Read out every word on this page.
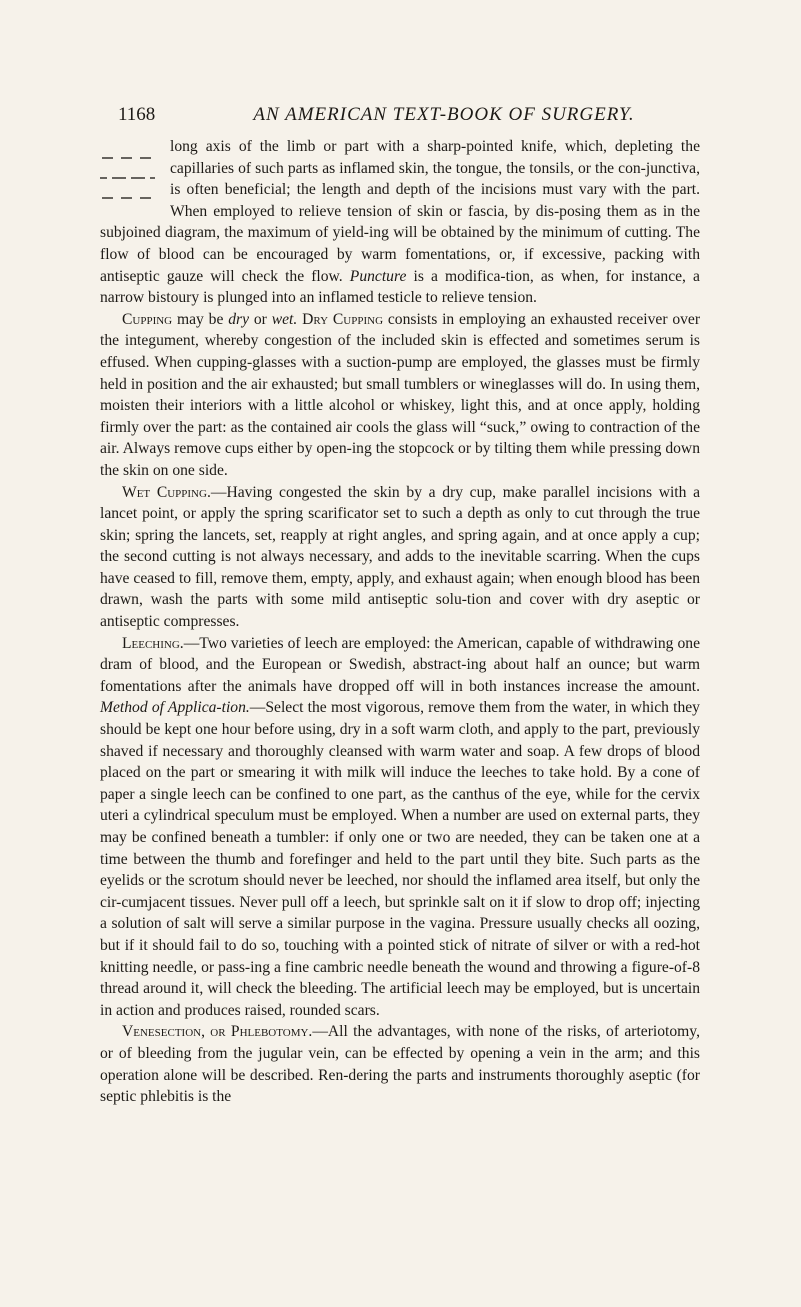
1168	AN AMERICAN TEXT-BOOK OF SURGERY.

long axis of the limb or part with a sharp-pointed knife, which, depleting the capillaries of such parts as inflamed skin, the tongue, the tonsils, or the con-junctiva, is often beneficial; the length and depth of the incisions must vary with the part. When employed to relieve tension of skin or fascia, by dis-posing them as in the subjoined diagram, the maximum of yield-ing will be obtained by the minimum of cutting. The flow of blood can be encouraged by warm fomentations, or, if excessive, packing with antiseptic gauze will check the flow. Puncture is a modifica-tion, as when, for instance, a narrow bistoury is plunged into an inflamed testicle to relieve tension.

Cupping may be dry or wet. Dry Cupping consists in employing an exhausted receiver over the integument, whereby congestion of the included skin is effected and sometimes serum is effused. When cupping-glasses with a suction-pump are employed, the glasses must be firmly held in position and the air exhausted; but small tumblers or wineglasses will do. In using them, moisten their interiors with a little alcohol or whiskey, light this, and at once apply, holding firmly over the part: as the contained air cools the glass will “suck,” owing to contraction of the air. Always remove cups either by open-ing the stopcock or by tilting them while pressing down the skin on one side.

Wet Cupping.—Having congested the skin by a dry cup, make parallel incisions with a lancet point, or apply the spring scarificator set to such a depth as only to cut through the true skin; spring the lancets, set, reapply at right angles, and spring again, and at once apply a cup; the second cutting is not always necessary, and adds to the inevitable scarring. When the cups have ceased to fill, remove them, empty, apply, and exhaust again; when enough blood has been drawn, wash the parts with some mild antiseptic solu-tion and cover with dry aseptic or antiseptic compresses.

Leeching.—Two varieties of leech are employed: the American, capable of withdrawing one dram of blood, and the European or Swedish, abstract-ing about half an ounce; but warm fomentations after the animals have dropped off will in both instances increase the amount. Method of Applica-tion.—Select the most vigorous, remove them from the water, in which they should be kept one hour before using, dry in a soft warm cloth, and apply to the part, previously shaved if necessary and thoroughly cleansed with warm water and soap. A few drops of blood placed on the part or smearing it with milk will induce the leeches to take hold. By a cone of paper a single leech can be confined to one part, as the canthus of the eye, while for the cervix uteri a cylindrical speculum must be employed. When a number are used on external parts, they may be confined beneath a tumbler: if only one or two are needed, they can be taken one at a time between the thumb and forefinger and held to the part until they bite. Such parts as the eyelids or the scrotum should never be leeched, nor should the inflamed area itself, but only the cir-cumjacent tissues. Never pull off a leech, but sprinkle salt on it if slow to drop off; injecting a solution of salt will serve a similar purpose in the vagina. Pressure usually checks all oozing, but if it should fail to do so, touching with a pointed stick of nitrate of silver or with a red-hot knitting needle, or pass-ing a fine cambric needle beneath the wound and throwing a figure-of-8 thread around it, will check the bleeding. The artificial leech may be employed, but is uncertain in action and produces raised, rounded scars.

Venesection, or Phlebotomy.—All the advantages, with none of the risks, of arteriotomy, or of bleeding from the jugular vein, can be effected by opening a vein in the arm; and this operation alone will be described. Ren-dering the parts and instruments thoroughly aseptic (for septic phlebitis is the
